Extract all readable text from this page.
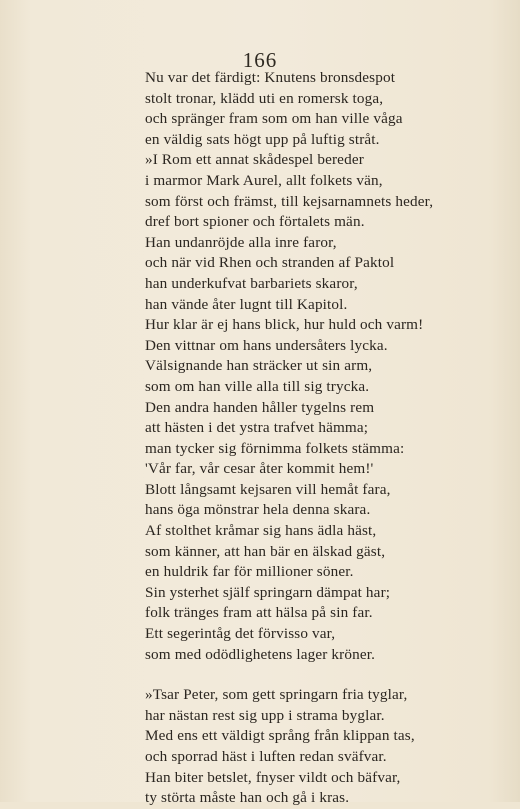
166
Nu var det färdigt: Knutens bronsdespot
stolt tronar, klädd uti en romersk toga,
och spränger fram som om han ville våga
en väldig sats högt upp på luftig stråt.
»I Rom ett annat skådespel bereder
i marmor Mark Aurel, allt folkets vän,
som först och främst, till kejsarnamnets heder,
dref bort spioner och förtalets män.
Han undanröjde alla inre faror,
och när vid Rhen och stranden af Paktol
han underkufvat barbariets skaror,
han vände åter lugnt till Kapitol.
Hur klar är ej hans blick, hur huld och varm!
Den vittnar om hans undersåters lycka.
Välsignande han sträcker ut sin arm,
som om han ville alla till sig trycka.
Den andra handen håller tygelns rem
att hästen i det ystra trafvet hämma;
man tycker sig förnimma folkets stämma:
'Vår far, vår cesar åter kommit hem!'
Blott långsamt kejsaren vill hemåt fara,
hans öga mönstrar hela denna skara.
Af stolthet kråmar sig hans ädla häst,
som känner, att han bär en älskad gäst,
en huldrik far för millioner söner.
Sin ysterhet själf springarn dämpat har;
folk tränges fram att hälsa på sin far.
Ett segerintåg det förvisso var,
som med odödlighetens lager kröner.
»Tsar Peter, som gett springarn fria tyglar,
har nästan rest sig upp i strama byglar.
Med ens ett väldigt språng från klippan tas,
och sporrad häst i luften redan sväfvar.
Han biter betslet, fnyser vildt och bäfvar,
ty störta måste han och gå i kras.
